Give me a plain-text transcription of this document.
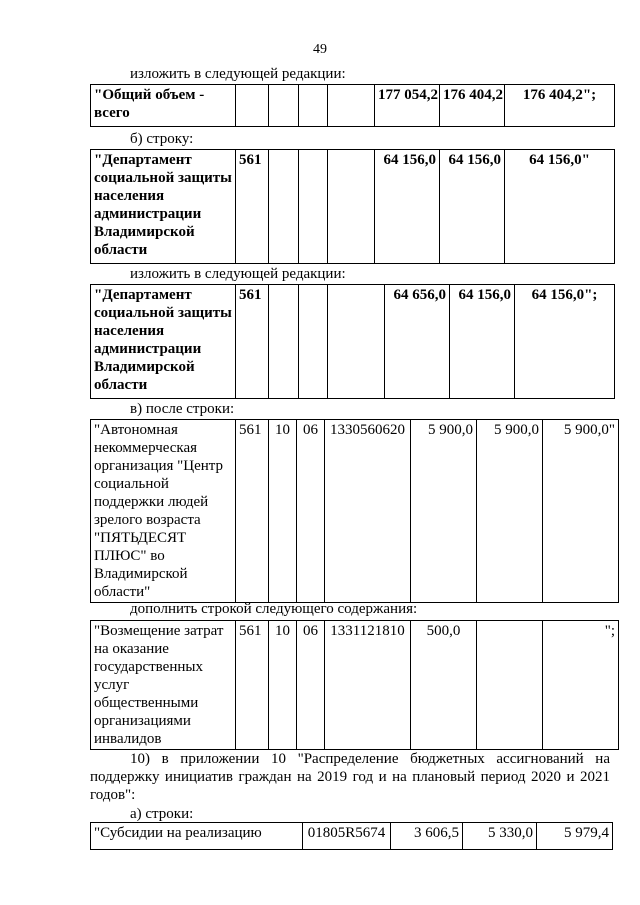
49
изложить в следующей редакции:
"Общий объем - всего					177 054,2	176 404,2	176 404,2";
б) строку:
"Департамент социальной защиты населения администрации Владимирской области	561				64 156,0	64 156,0	64 156,0"
изложить в следующей редакции:
"Департамент социальной защиты населения администрации Владимирской области	561				64 656,0	64 156,0	64 156,0";
в) после строки:
"Автономная некоммерческая организация "Центр социальной поддержки людей зрелого возраста "ПЯТЬДЕСЯТ ПЛЮС" во Владимирской области"	561	10	06	1330560620	5 900,0	5 900,0	5 900,0"
дополнить строкой следующего содержания:
"Возмещение затрат на оказание государственных услуг общественными организациями инвалидов	561	10	06	1331121810	500,0		";
10) в приложении 10 "Распределение бюджетных ассигнований на поддержку инициатив граждан на 2019 год и на плановый период 2020 и 2021 годов":
а) строки:
"Субсидии на реализацию	01805R5674	3 606,5	5 330,0	5 979,4
